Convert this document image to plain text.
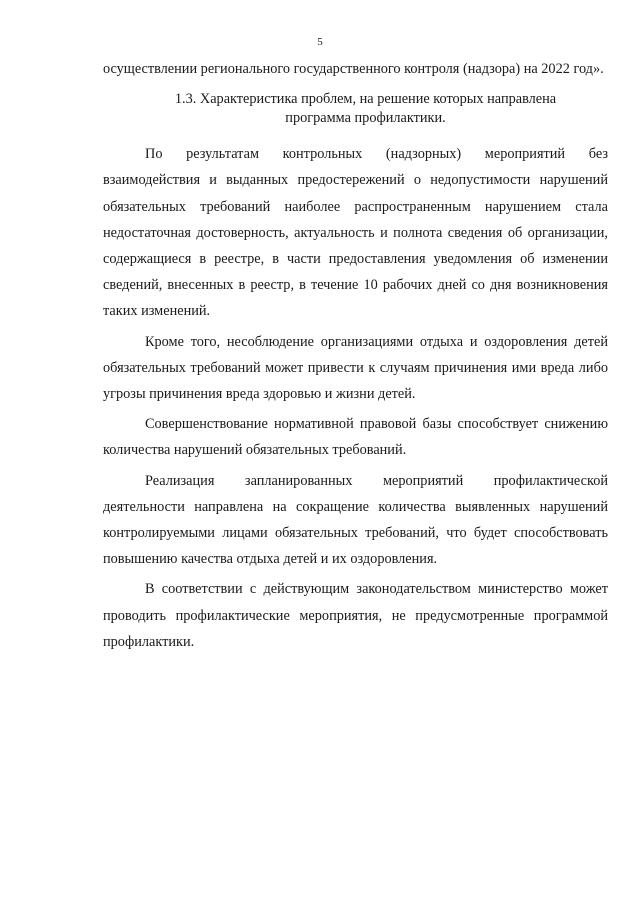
5

осуществлении регионального государственного контроля (надзора) на 2022 год».

1.3. Характеристика проблем, на решение которых направлена
программа профилактики.

По результатам контрольных (надзорных) мероприятий без взаимодействия и выданных предостережений о недопустимости нарушений обязательных требований наиболее распространенным нарушением стала недостаточная достоверность, актуальность и полнота сведения об организации, содержащиеся в реестре, в части предоставления уведомления об изменении сведений, внесенных в реестр, в течение 10 рабочих дней со дня возникновения таких изменений.

Кроме того, несоблюдение организациями отдыха и оздоровления детей обязательных требований может привести к случаям причинения ими вреда либо угрозы причинения вреда здоровью и жизни детей.

Совершенствование нормативной правовой базы способствует снижению количества нарушений обязательных требований.

Реализация запланированных мероприятий профилактической деятельности направлена на сокращение количества выявленных нарушений контролируемыми лицами обязательных требований, что будет способствовать повышению качества отдыха детей и их оздоровления.

В соответствии с действующим законодательством министерство может проводить профилактические мероприятия, не предусмотренные программой профилактики.
